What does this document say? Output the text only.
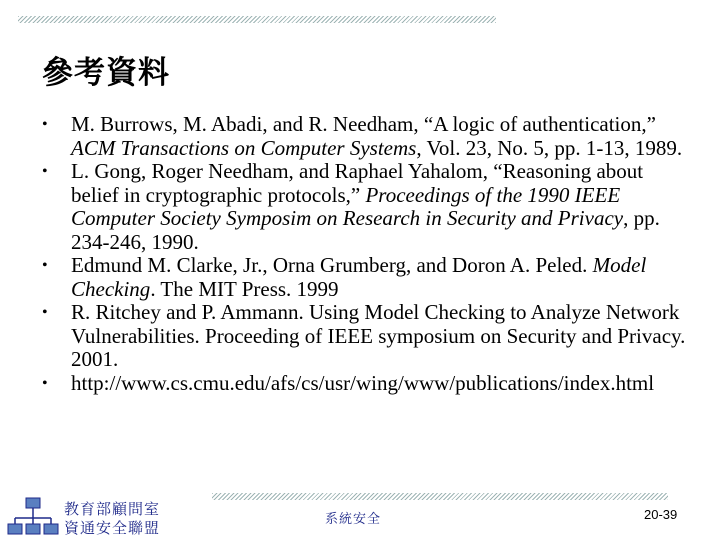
參考資料
• M. Burrows, M. Abadi, and R. Needham, “A logic of authentication,” ACM Transactions on Computer Systems, Vol. 23, No. 5, pp. 1-13, 1989.
• L. Gong, Roger Needham, and Raphael Yahalom, “Reasoning about belief in cryptographic protocols,” Proceedings of the 1990 IEEE Computer Society Symposim on Research in Security and Privacy, pp. 234-246, 1990.
• Edmund M. Clarke, Jr., Orna Grumberg, and Doron A. Peled. Model Checking. The MIT Press. 1999
• R. Ritchey and P. Ammann. Using Model Checking to Analyze Network Vulnerabilities. Proceeding of IEEE symposium on Security and Privacy. 2001.
• http://www.cs.cmu.edu/afs/cs/usr/wing/www/publications/index.html
教育部顧問室
資通安全聯盟	系統安全	20-39
